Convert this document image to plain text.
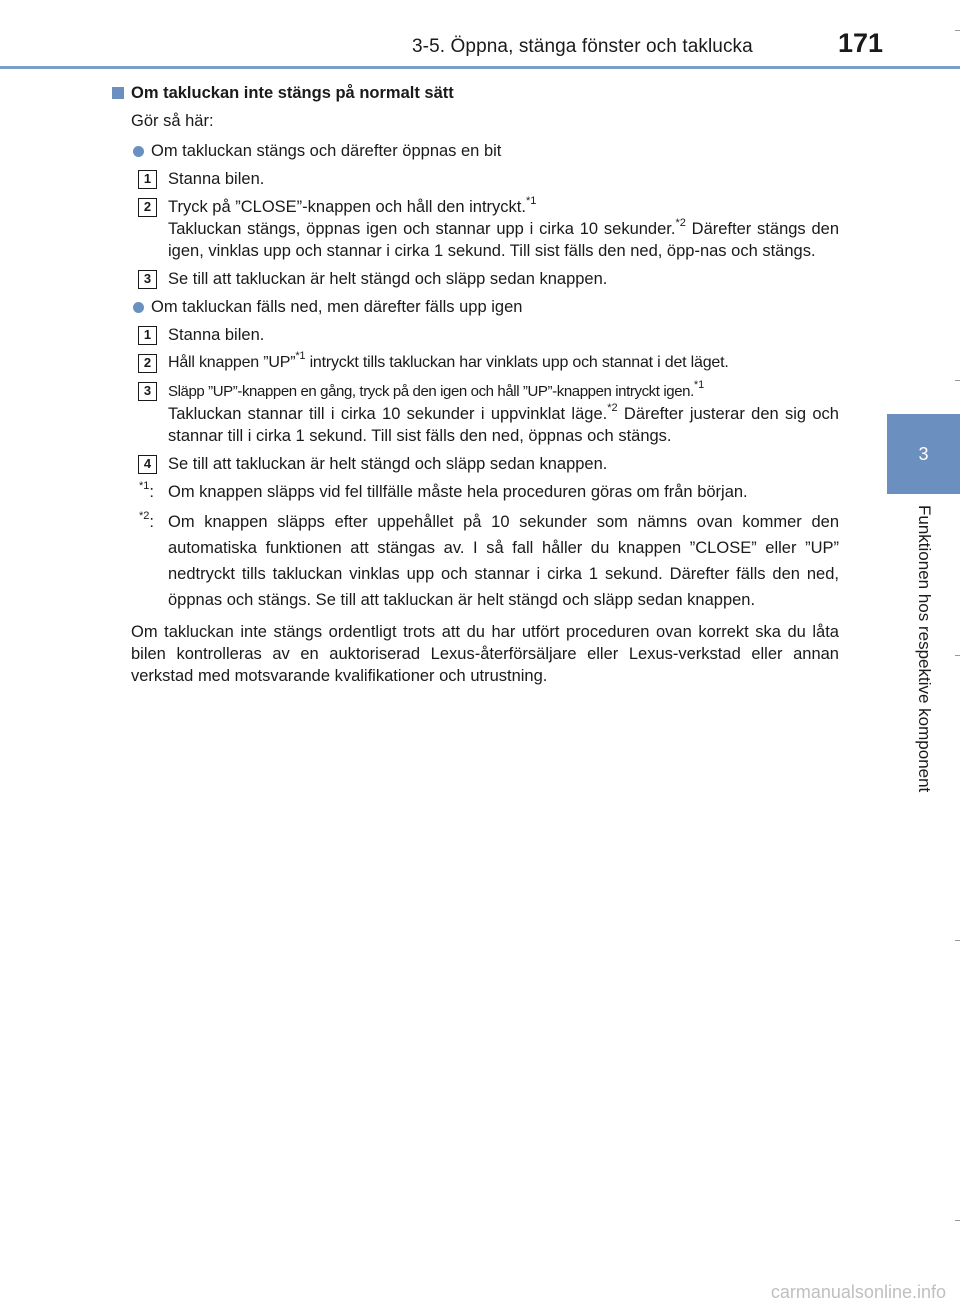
3-5. Öppna, stänga fönster och taklucka	171
3
Funktionen hos respektive komponent
Om takluckan inte stängs på normalt sätt

Gör så här:

Om takluckan stängs och därefter öppnas en bit
1	Stanna bilen.

2	Tryck på ”CLOSE”-knappen och håll den intryckt.$^{*1}$
Takluckan stängs, öppnas igen och stannar upp i cirka 10 sekunder.$^{*2}$ Därefter stängs den igen, vinklas upp och stannar i cirka 1 sekund. Till sist fälls den ned, öpp-nas och stängs.

3	Se till att takluckan är helt stängd och släpp sedan knappen.

Om takluckan fälls ned, men därefter fälls upp igen
1	Stanna bilen.

2	Håll knappen ”UP”$^{*1}$ intryckt tills takluckan har vinklats upp och stannat i det läget.

3	Släpp ”UP”-knappen en gång, tryck på den igen och håll ”UP”-knappen intryckt igen.$^{*1}$
Takluckan stannar till i cirka 10 sekunder i uppvinklat läge.$^{*2}$ Därefter justerar den sig och stannar till i cirka 1 sekund. Till sist fälls den ned, öppnas och stängs.

4	Se till att takluckan är helt stängd och släpp sedan knappen.

$^{*1}$: Om knappen släpps vid fel tillfälle måste hela proceduren göras om från början.
$^{*2}$: Om knappen släpps efter uppehållet på 10 sekunder som nämns ovan kommer den automatiska funktionen att stängas av. I så fall håller du knappen ”CLOSE” eller ”UP” nedtryckt tills takluckan vinklas upp och stannar i cirka 1 sekund. Därefter fälls den ned, öppnas och stängs. Se till att takluckan är helt stängd och släpp sedan knappen.

Om takluckan inte stängs ordentligt trots att du har utfört proceduren ovan korrekt ska du låta bilen kontrolleras av en auktoriserad Lexus-återförsäljare eller Lexus-verkstad eller annan verkstad med motsvarande kvalifikationer och utrustning.

carmanualsonline.info
